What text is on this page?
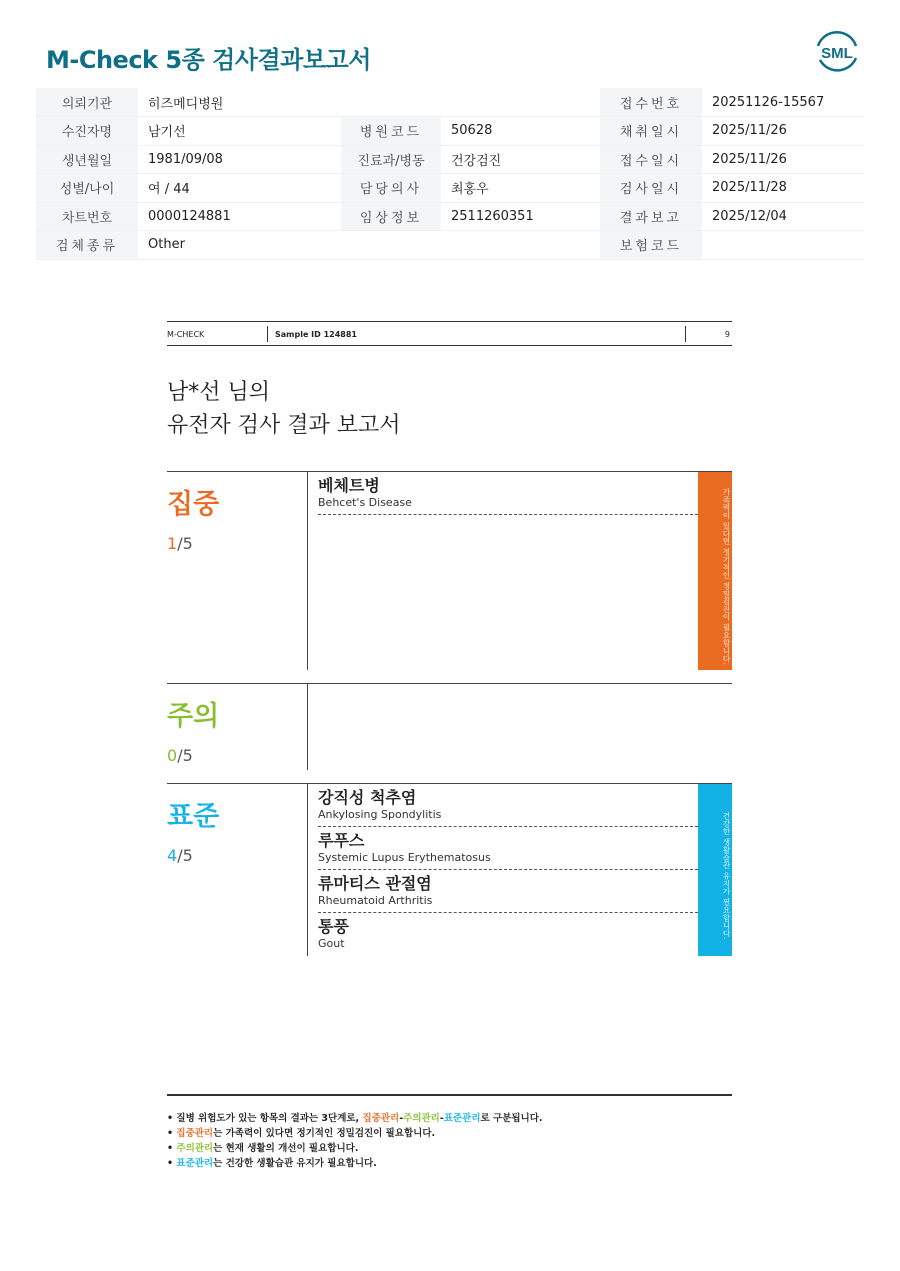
M-Check 5종 검사결과보고서	SML
의뢰기관	히즈메디병원			접수번호	20251126-15567
수진자명	남기선	병원코드	50628	채취일시	2025/11/26
생년월일	1981/09/08	진료과/병동	건강검진	접수일시	2025/11/26
성별/나이	여 / 44	담당의사	최홍우	검사일시	2025/11/28
차트번호	0000124881	임상정보	2511260351	결과보고	2025/12/04
검체종류	Other			보험코드	
M-CHECK	Sample ID 124881	9
남*선 님의
유전자 검사 결과 보고서
집중
1/5
베체트병
Behcet's Disease	가족력이 있다면 정기적인 정밀검진이 필요합니다.
주의
0/5
표준
4/5
강직성 척추염
Ankylosing Spondylitis
루푸스
Systemic Lupus Erythematosus
류마티스 관절염
Rheumatoid Arthritis
통풍
Gout
건강한 생활습관 유지가 필요합니다.
• 질병 위험도가 있는 항목의 결과는 3단계로, 집중관리-주의관리-표준관리로 구분됩니다.
• 집중관리는 가족력이 있다면 정기적인 정밀검진이 필요합니다.
• 주의관리는 현재 생활의 개선이 필요합니다.
• 표준관리는 건강한 생활습관 유지가 필요합니다.
